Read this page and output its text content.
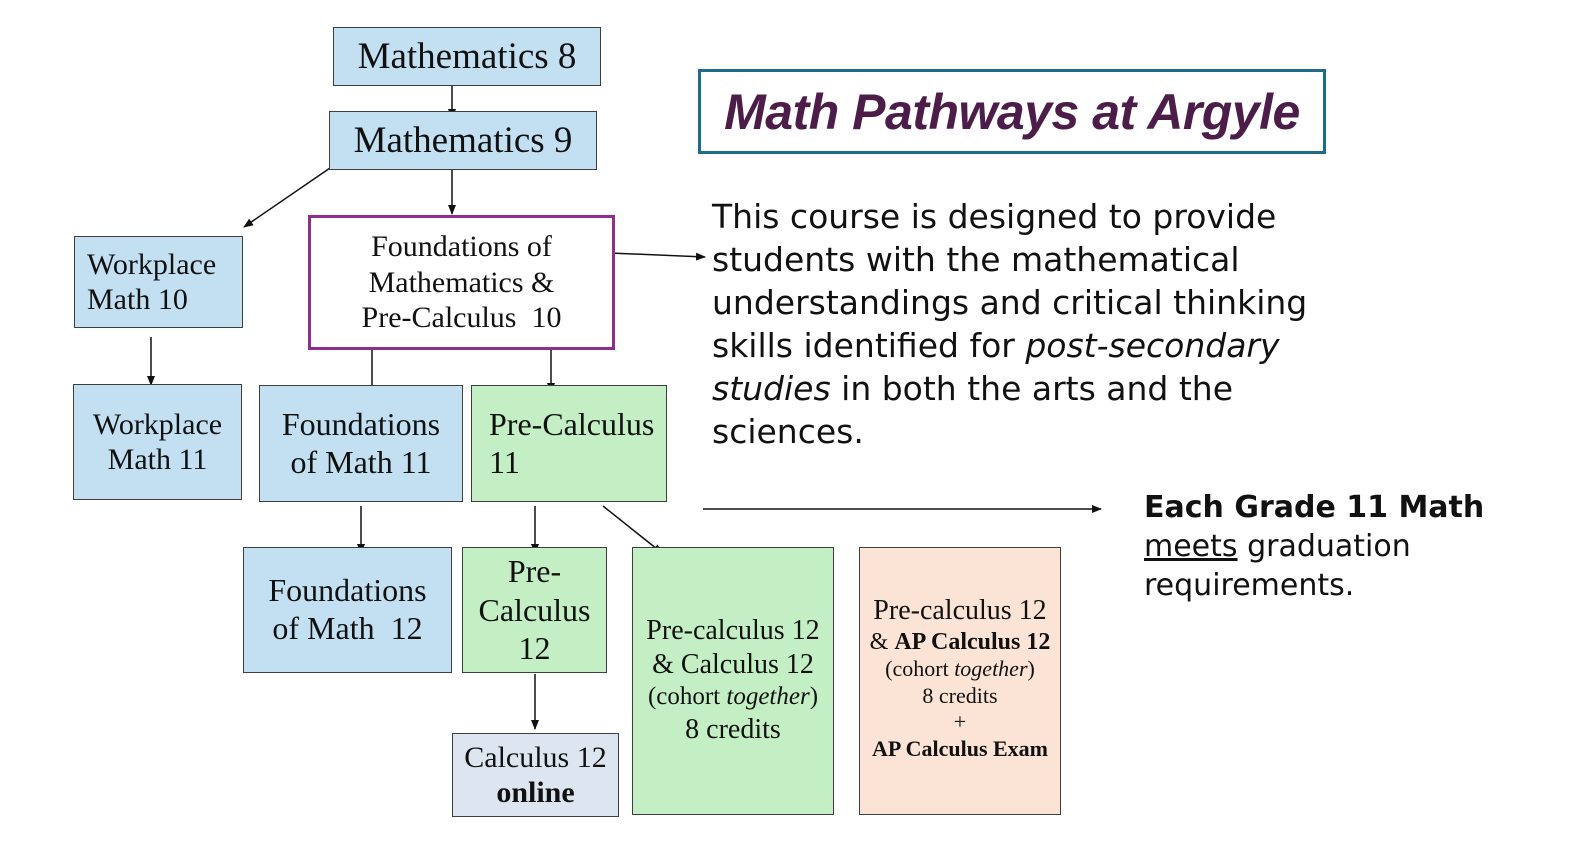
Math Pathways at Argyle
This course is designed to provide students with the mathematical understandings and critical thinking skills identified for post-secondary studies in both the arts and the sciences.
Each Grade 11 Math
meets graduation requirements.
Mathematics 8
Mathematics 9
Workplace
Math 10
Foundations of
Mathematics &
Pre-Calculus  10
Workplace
Math 11
Foundations
of Math 11
Pre-Calculus
11
Foundations
of Math  12
Pre-
Calculus
12
Calculus 12
online
Pre-calculus 12
& Calculus 12
(cohort together)
8 credits
Pre-calculus 12
& AP Calculus 12
(cohort together)
8 credits
+
AP Calculus Exam
